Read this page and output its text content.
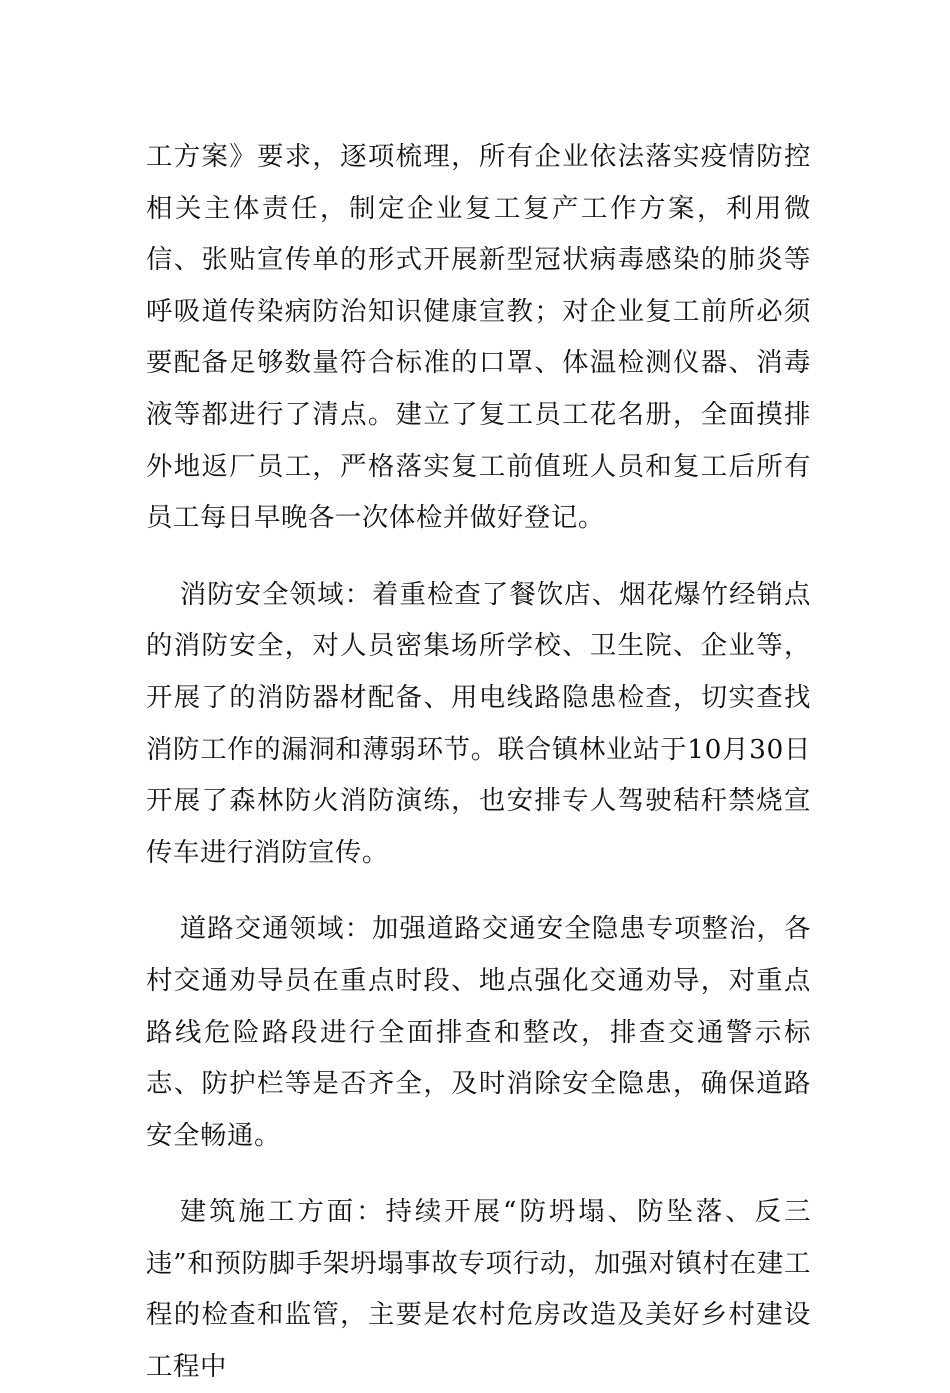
工方案》要求，逐项梳理，所有企业依法落实疫情防控相关主体责任，制定企业复工复产工作方案，利用微信、张贴宣传单的形式开展新型冠状病毒感染的肺炎等呼吸道传染病防治知识健康宣教；对企业复工前所必须要配备足够数量符合标准的口罩、体温检测仪器、消毒液等都进行了清点。建立了复工员工花名册，全面摸排外地返厂员工，严格落实复工前值班人员和复工后所有员工每日早晚各一次体检并做好登记。

消防安全领域：着重检查了餐饮店、烟花爆竹经销点的消防安全，对人员密集场所学校、卫生院、企业等，开展了的消防器材配备、用电线路隐患检查，切实查找消防工作的漏洞和薄弱环节。联合镇林业站于10月30日开展了森林防火消防演练，也安排专人驾驶秸秆禁烧宣传车进行消防宣传。

道路交通领域：加强道路交通安全隐患专项整治，各村交通劝导员在重点时段、地点强化交通劝导，对重点路线危险路段进行全面排查和整改，排查交通警示标志、防护栏等是否齐全，及时消除安全隐患，确保道路安全畅通。

建筑施工方面：持续开展“防坍塌、防坠落、反三违”和预防脚手架坍塌事故专项行动，加强对镇村在建工程的检查和监管，主要是农村危房改造及美好乡村建设工程中
